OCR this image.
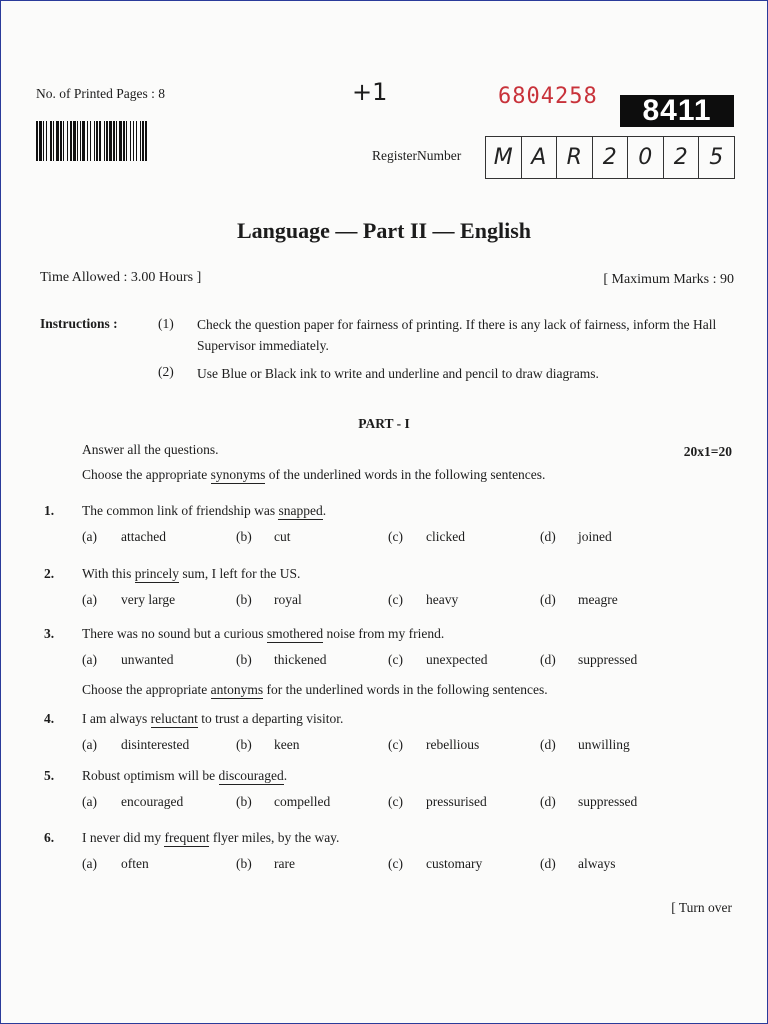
No. of Printed Pages : 8	+1	6804258	8411
RegisterNumber	M A R 2 0 2 5
Language — Part II — English
Time Allowed : 3.00 Hours ]	[ Maximum Marks : 90
Instructions :	(1) Check the question paper for fairness of printing. If there is any lack of fairness, inform the Hall Supervisor immediately.
(2) Use Blue or Black ink to write and underline and pencil to draw diagrams.
PART - I
Answer all the questions.	20x1=20
Choose the appropriate synonyms of the underlined words in the following sentences.
Choose the appropriate antonyms for the underlined words in the following sentences.
1. The common link of friendship was snapped.
(a) attached	(b) cut	(c) clicked	(d) joined
2. With this princely sum, I left for the US.
(a) very large	(b) royal	(c) heavy	(d) meagre
3. There was no sound but a curious smothered noise from my friend.
(a) unwanted	(b) thickened	(c) unexpected	(d) suppressed
4. I am always reluctant to trust a departing visitor.
(a) disinterested	(b) keen	(c) rebellious	(d) unwilling
5. Robust optimism will be discouraged.
(a) encouraged	(b) compelled	(c) pressurised	(d) suppressed
6. I never did my frequent flyer miles, by the way.
(a) often	(b) rare	(c) customary	(d) always
[ Turn over
